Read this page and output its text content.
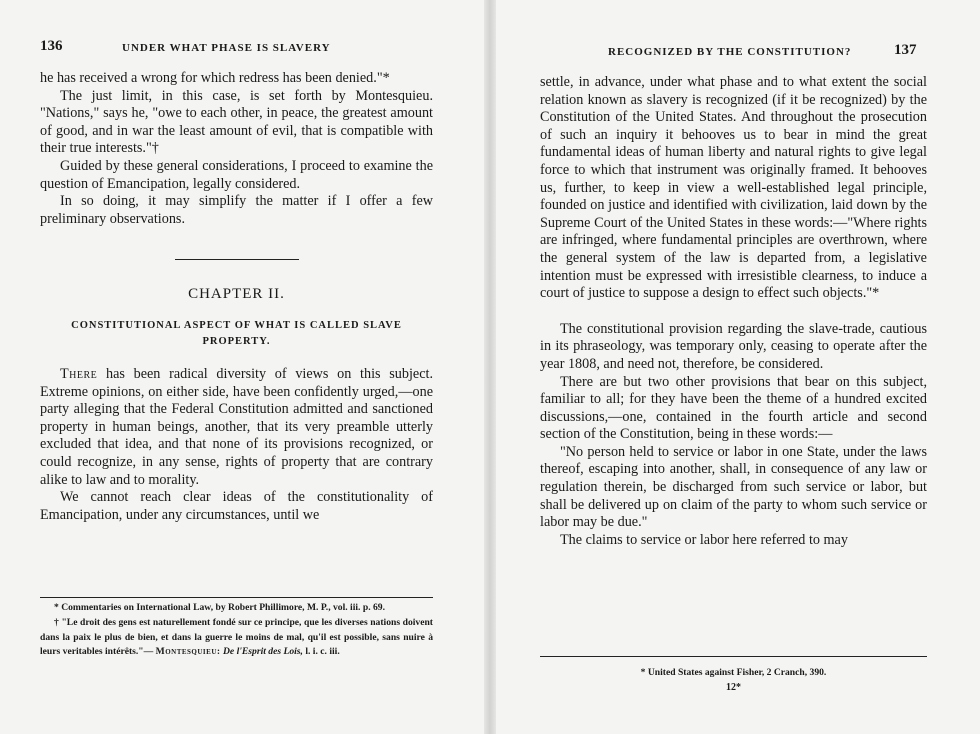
136	UNDER WHAT PHASE IS SLAVERY

he has received a wrong for which redress has been denied."*

The just limit, in this case, is set forth by Montesquieu. "Nations," says he, "owe to each other, in peace, the greatest amount of good, and in war the least amount of evil, that is compatible with their true interests."†

Guided by these general considerations, I proceed to examine the question of Emancipation, legally considered.

In so doing, it may simplify the matter if I offer a few preliminary observations.

CHAPTER II.
CONSTITUTIONAL ASPECT OF WHAT IS CALLED SLAVE PROPERTY.

There has been radical diversity of views on this subject. Extreme opinions, on either side, have been confidently urged,—one party alleging that the Federal Constitution admitted and sanctioned property in human beings, another, that its very preamble utterly excluded that idea, and that none of its provisions recognized, or could recognize, in any sense, rights of property that are contrary alike to law and to morality.

We cannot reach clear ideas of the constitutionality of Emancipation, under any circumstances, until we

* Commentaries on International Law, by Robert Phillimore, M. P., vol. iii. p. 69.

† "Le droit des gens est naturellement fondé sur ce principe, que les diverses nations doivent dans la paix le plus de bien, et dans la guerre le moins de mal, qu'il est possible, sans nuire à leurs veritables intérêts."— Montesquieu: De l'Esprit des Lois, l. i. c. iii.

RECOGNIZED BY THE CONSTITUTION?	137

settle, in advance, under what phase and to what extent the social relation known as slavery is recognized (if it be recognized) by the Constitution of the United States. And throughout the prosecution of such an inquiry it behooves us to bear in mind the great fundamental ideas of human liberty and natural rights to give legal force to which that instrument was originally framed. It behooves us, further, to keep in view a well-established legal principle, founded on justice and identified with civilization, laid down by the Supreme Court of the United States in these words:—"Where rights are infringed, where fundamental principles are overthrown, where the general system of the law is departed from, a legislative intention must be expressed with irresistible clearness, to induce a court of justice to suppose a design to effect such objects."*

The constitutional provision regarding the slave-trade, cautious in its phraseology, was temporary only, ceasing to operate after the year 1808, and need not, therefore, be considered.

There are but two other provisions that bear on this subject, familiar to all; for they have been the theme of a hundred excited discussions,—one, contained in the fourth article and second section of the Constitution, being in these words:—

"No person held to service or labor in one State, under the laws thereof, escaping into another, shall, in consequence of any law or regulation therein, be discharged from such service or labor, but shall be delivered up on claim of the party to whom such service or labor may be due."

The claims to service or labor here referred to may

* United States against Fisher, 2 Cranch, 390.
12*
